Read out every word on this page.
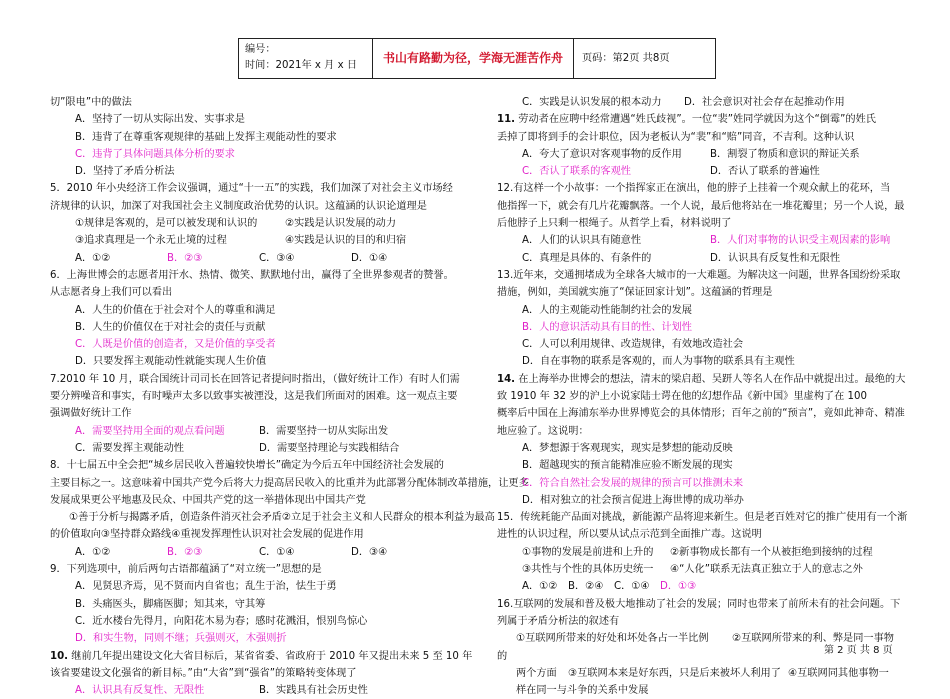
编号：
时间：2021年 x 月 x 日
书山有路勤为径，学海无涯苦作舟	页码：第2页 共8页
切”限电”中的做法
A．坚持了一切从实际出发、实事求是
B．违背了在尊重客观规律的基础上发挥主观能动性的要求
C．违背了具体问题具体分析的要求
D．坚持了矛盾分析法
5．2010 年小央经济工作会议强调，通过“十一五”的实践，我们加深了对社会主义市场经
济规律的认识，加深了对我国社会主义制度政治优势的认识。这蕴涵的认识论道理是
①规律是客观的，是可以被发现和认识的	②实践是认识发展的动力
③追求真理是一个永无止境的过程	④实践是认识的目的和归宿
A．①②	B．②③	C．③④	D．①④
6．上海世博会的志愿者用汗水、热情、微笑、默默地付出，赢得了全世界参观者的赞誉。
从志愿者身上我们可以看出
A．人生的价值在于社会对个人的尊重和满足
B．人生的价值仅在于对社会的责任与贡献
C．人既是价值的创造者，又是价值的享受者
D．只要发挥主观能动性就能实现人生价值
7.2010 年 10 月，联合国统计司司长在回答记者提问时指出，（做好统计工作）有时人们需
要分辨噪音和事实，有时噪声太多以致事实被湮没，这是我们所面对的困难。这一观点主要
强调做好统计工作
A．需要坚持用全面的观点看问题	B．需要坚持一切从实际出发
C．需要发挥主观能动性	D．需要坚持理论与实践相结合
8．十七届五中全会把“城乡居民收入普遍较快增长”确定为今后五年中国经济社会发展的
主要目标之一。这意味着中国共产党今后将大力提高居民收入的比重并为此部署分配体制改革措施，让更多
发展成果更公平地惠及民众、中国共产党的这一举措体现出中国共产党
①善于分析与揭露矛盾，创造条件消灭社会矛盾②立足于社会主义和人民群众的根本利益为最高
的价值取向③坚持群众路线④重视发挥理性认识对社会发展的促进作用
A．①②	B．②③	C．①④	D．③④
9．下列选项中，前后两句古语都蕴涵了“对立统一”思想的是
A．见贤思齐焉，见不贤而内自省也；乱生于治，怯生于勇
B．头痛医头，脚痛医脚；知其来，守其筹
C．近水楼台先得月，向阳花木易为春；感时花溅泪，恨别鸟惊心
D．和实生物，同则不继；兵强则灭，木强则折
10. 继前几年提出建设文化大省目标后，某省省委、省政府于 2010 年又提出未来 5 至 10 年
该省要建设文化强省的新目标。”由“大省”到“强省”的策略转变体现了
A．认识具有反复性、无限性	B．实践具有社会历史性
C．实践是认识发展的根本动力	D．社会意识对社会存在起推动作用
11. 劳动者在应聘中经常遭遇“姓氏歧视”。一位“裴”姓同学就因为这个“倒霉”的姓氏
丢掉了即将到手的会计职位，因为老板认为“裴”和“赔”同音，不吉利。这种认识
A．夸大了意识对客观事物的反作用	B．割裂了物质和意识的辩证关系
C．否认了联系的客观性	D．否认了联系的普遍性
12.有这样一个小故事：一个指挥家正在演出，他的脖子上挂着一个观众献上的花环，当
他指挥一下，就会有几片花瓣飘落。一个人说，最后他将站在一堆花瓣里；另一个人说，最
后他脖子上只剩一根绳子。从哲学上看，材料说明了
A．人们的认识具有随意性	B．人们对事物的认识受主观因素的影响
C．真理是具体的、有条件的	D．认识具有反复性和无限性
13.近年来，交通拥堵成为全球各大城市的一大难题。为解决这一问题，世界各国纷纷采取
措施，例如，美国就实施了“保证回家计划”。这蕴涵的哲理是
A．人的主观能动性能制约社会的发展
B．人的意识活动具有目的性、计划性
C．人可以利用规律、改造规律，有效地改造社会
D．自在事物的联系是客观的，而人为事物的联系具有主观性
14. 在上海举办世博会的想法，清末的梁启超、吴趼人等名人在作品中就提出过。最绝的大
致 1910 年 32 岁的沪上小说家陆士谔在他的幻想作品《新中国》里虚构了在 100
概率后中国在上海浦东举办世界博览会的具体情形；百年之前的“预言”，竟如此神奇、精准
地应验了。这说明：
A．梦想源于客观现实，现实是梦想的能动反映
B．超越现实的预言能精准应验不断发展的现实
C．符合自然社会发展的规律的预言可以推测未来
D．相对独立的社会预言促进上海世博的成功举办
15．传统耗能产品面对挑战，新能源产品将迎来新生。但是老百姓对它的推广使用有一个渐
进性的认识过程，所以要从试点示范到全面推广毒。这说明
①事物的发展是前进和上升的	②新事物成长都有一个从被拒绝到接纳的过程
③共性与个性的具体历史统一	④“人化”联系无法真正独立于人的意志之外
A．①②	B．②④	C．①④	D．①③
16.互联网的发展和普及极大地推动了社会的发展；同时也带来了前所未有的社会问题。下
列属于矛盾分析法的叙述有
①互联网所带来的好处和坏处各占一半比例	②互联网所带来的利、弊是同一事物
的
两个方面	③互联网本来是好东西，只是后来被坏人利用了 ④互联网同其他事物一
样在同一与斗争的关系中发展
第 2 页 共 8 页
